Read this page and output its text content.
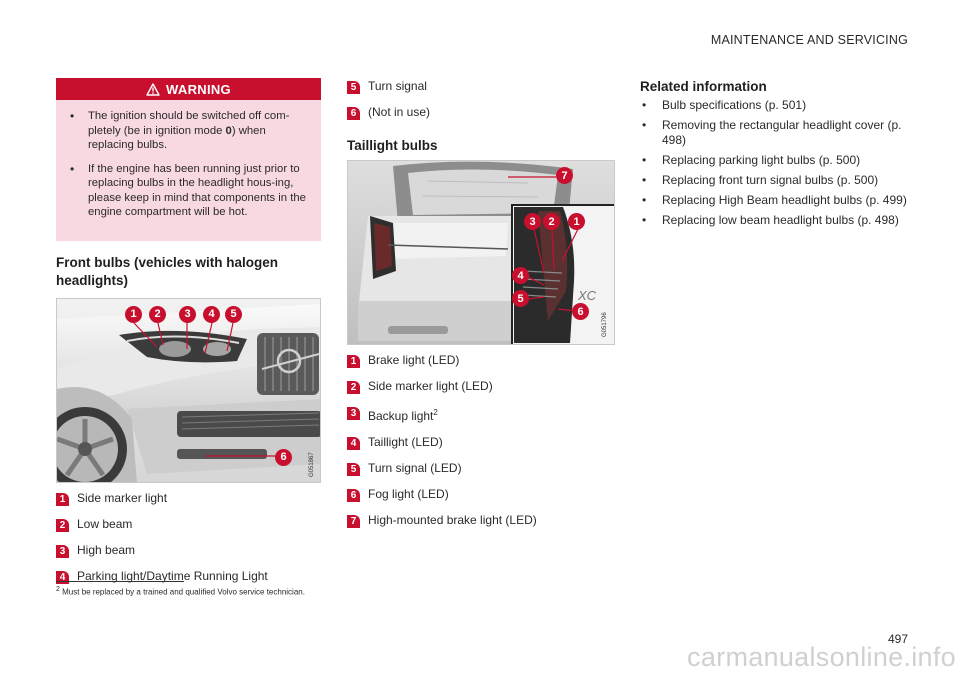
MAINTENANCE AND SERVICING
WARNING
• The ignition should be switched off com-pletely (be in ignition mode 0) when replacing bulbs.
• If the engine has been running just prior to replacing bulbs in the headlight hous-ing, please keep in mind that components in the engine compartment will be hot.
Front bulbs (vehicles with halogen headlights)
1	2	3	4	5
6	G051867
1 Side marker light
2 Low beam
3 High beam
4 Parking light/Daytime Running Light
5 Turn signal
6 (Not in use)
Taillight bulbs
XC
7
3	2	1
4
5
6
G051796
1 Brake light (LED)
2 Side marker light (LED)
3 Backup light$^2$
4 Taillight (LED)
5 Turn signal (LED)
6 Fog light (LED)
7 High-mounted brake light (LED)
Related information
• Bulb specifications (p. 501)
• Removing the rectangular headlight cover (p. 498)
• Replacing parking light bulbs (p. 500)
• Replacing front turn signal bulbs (p. 500)
• Replacing High Beam headlight bulbs (p. 499)
• Replacing low beam headlight bulbs (p. 498)
$^2$ Must be replaced by a trained and qualified Volvo service technician.
497
carmanualsonline.info
